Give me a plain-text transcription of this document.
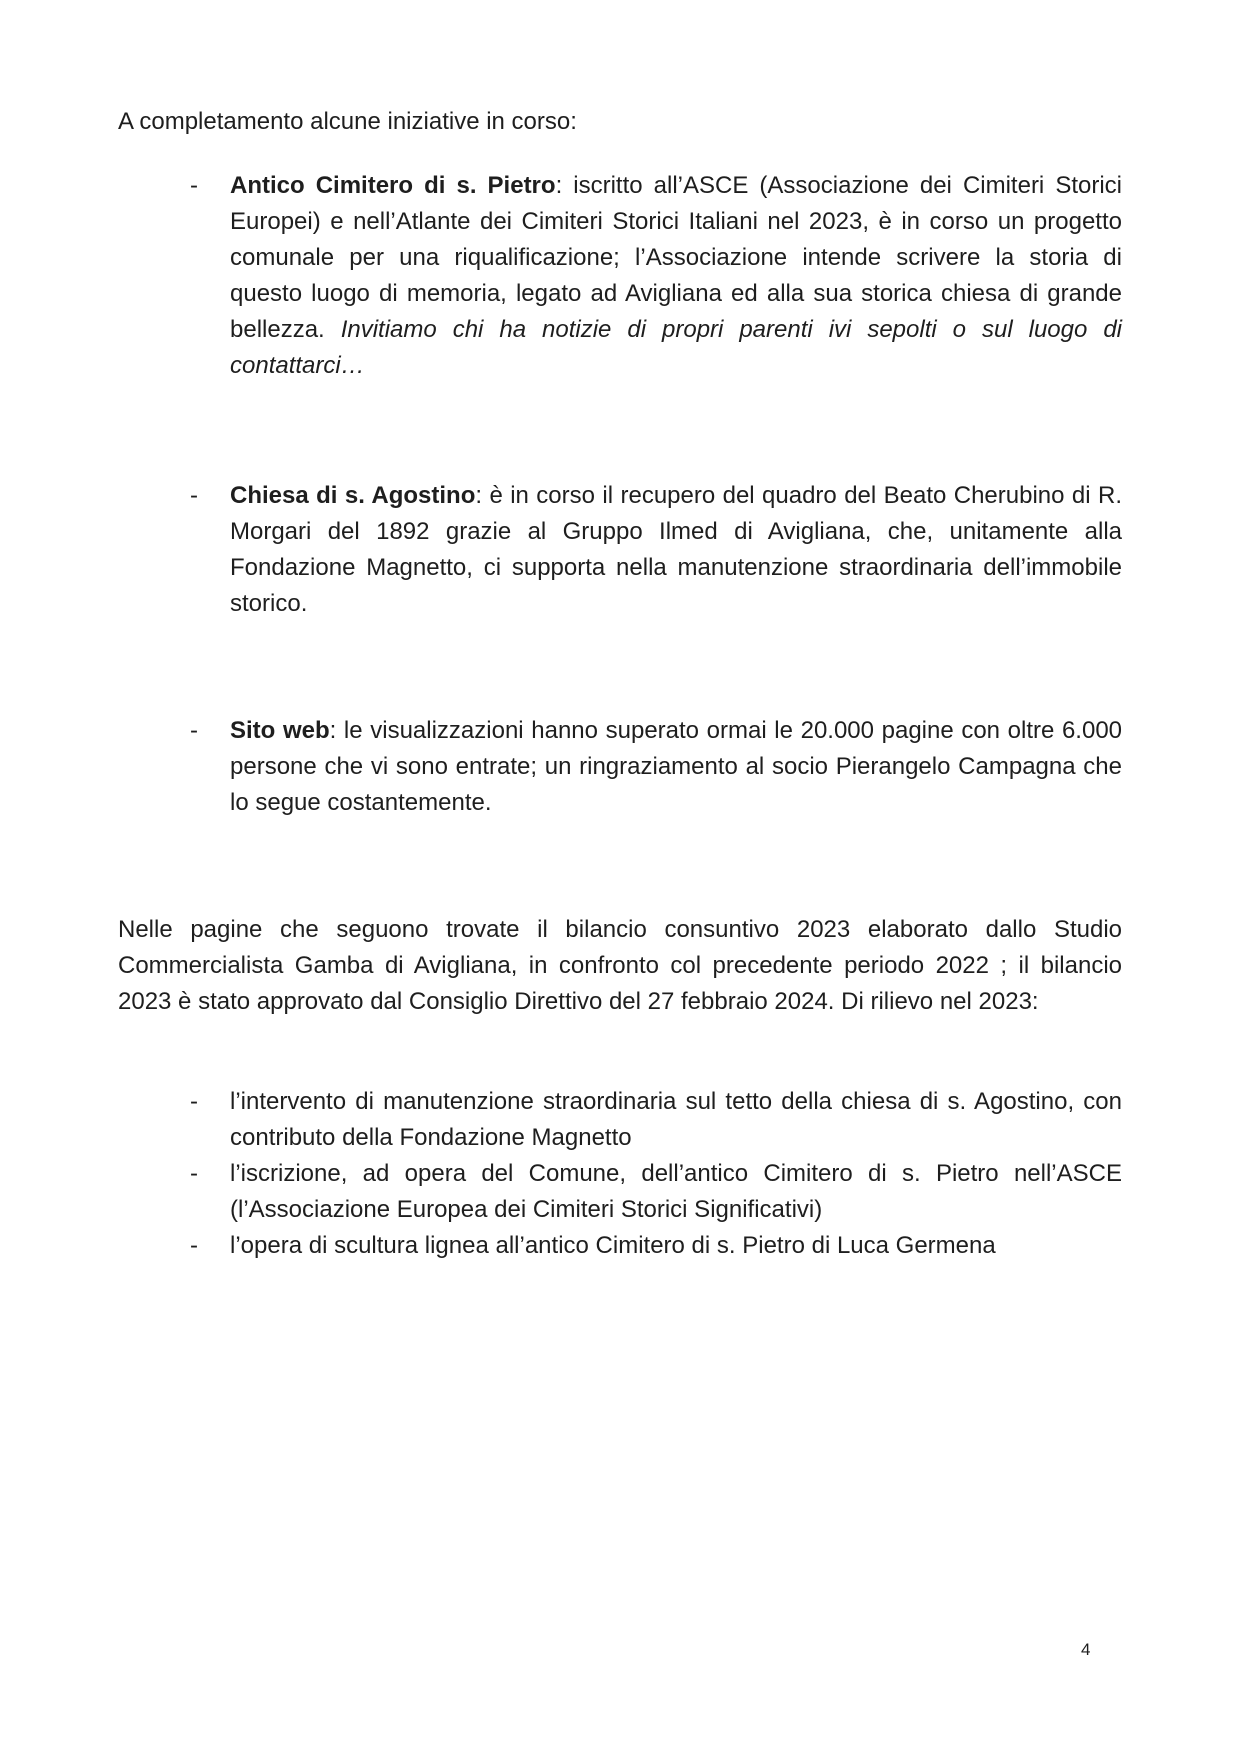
A completamento alcune iniziative in corso:

-	Antico Cimitero di s. Pietro: iscritto all’ASCE (Associazione dei Cimiteri Storici Europei) e nell’Atlante dei Cimiteri Storici Italiani nel 2023, è in corso un progetto comunale per una riqualificazione; l’Associazione intende scrivere la storia di questo luogo di memoria, legato ad Avigliana ed alla sua storica chiesa di grande bellezza. Invitiamo chi ha notizie di propri parenti ivi sepolti o sul luogo di contattarci…
-	Chiesa di s. Agostino: è in corso il recupero del quadro del Beato Cherubino di R. Morgari del 1892 grazie al Gruppo Ilmed di Avigliana, che, unitamente alla Fondazione Magnetto, ci supporta nella manutenzione straordinaria dell’immobile storico.
-	Sito web: le visualizzazioni hanno superato ormai le 20.000 pagine con oltre 6.000 persone che vi sono entrate; un ringraziamento al socio Pierangelo Campagna che lo segue costantemente.

Nelle pagine che seguono trovate il bilancio consuntivo 2023 elaborato dallo Studio Commercialista Gamba di Avigliana, in confronto col precedente periodo 2022 ; il bilancio 2023 è stato approvato dal Consiglio Direttivo del 27 febbraio 2024. Di rilievo nel 2023:

-	l’intervento di manutenzione straordinaria sul tetto della chiesa di s. Agostino, con contributo della Fondazione Magnetto
-	l’iscrizione, ad opera del Comune, dell’antico Cimitero di s. Pietro nell’ASCE (l’Associazione Europea dei Cimiteri Storici Significativi)
-	l’opera di scultura lignea all’antico Cimitero di s. Pietro di Luca Germena
4
